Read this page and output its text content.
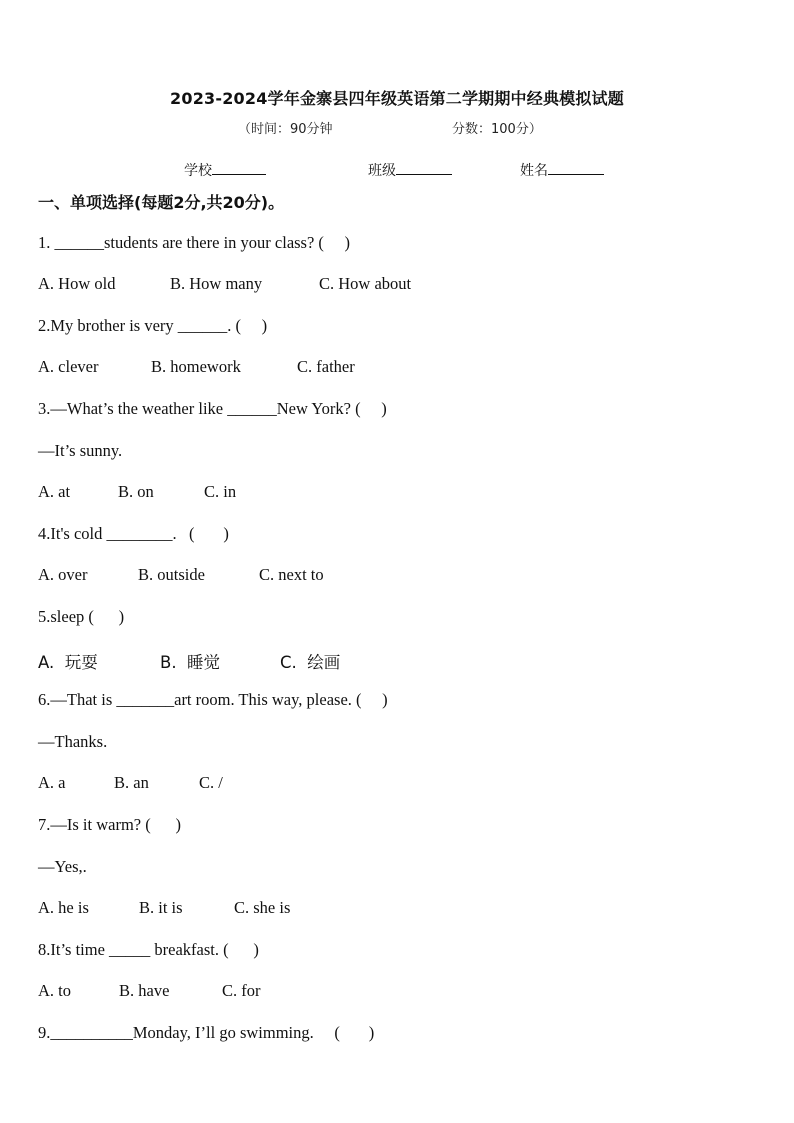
2023-2024学年金寨县四年级英语第二学期期中经典模拟试题
（时间：90分钟	分数：100分）
学校	班级	姓名
一、单项选择(每题2分,共20分)。
1. ______students are there in your class? (     )
A. How old	B. How many	C. How about
2.My brother is very ______. (     )
A. clever	B. homework	C. father
3.—What’s the weather like ______New York? (     )
—It’s sunny.
A. at	B. on	C. in
4.It's cold ________.   (       )
A. over	B. outside	C. next to
5.sleep (      )
A.  玩耍	B.  睡觉	C.  绘画
6.—That is _______art room. This way, please. (     )
—Thanks.
A. a	B. an	C. /
7.—Is it warm? (      )
—Yes,.
A. he is	B. it is	C. she is
8.It’s time _____ breakfast. (      )
A. to	B. have	C. for
9.__________Monday, I’ll go swimming.     (       )
